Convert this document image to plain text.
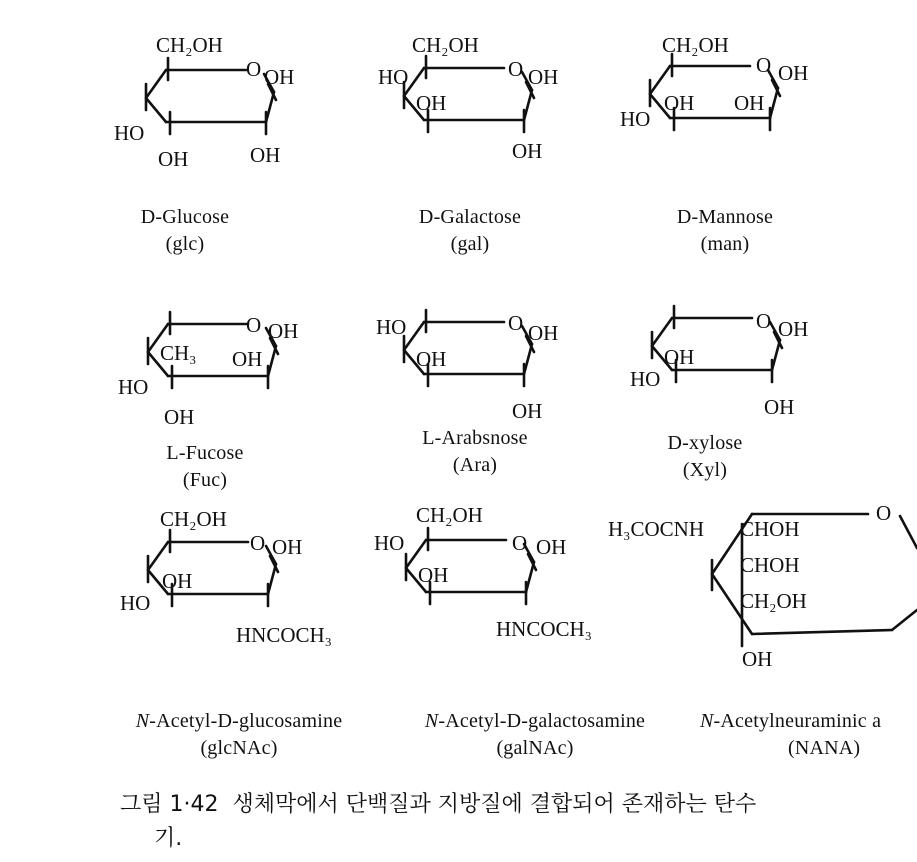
CH₂OH
O OH
HO
OH	OH
CH₂OH
HO	O OH
OH
OH
CH₂OH
O OH
OH OH
HO
O OH
CH₃ OH
HO
OH
HO	O OH
OH
OH
O OH
OH
HO
OH
CH₂OH
O OH
OH
HO
HNCOCH₃
CH₂OH
HO	O OH
OH
HNCOCH₃
H₃COCNH CHOH
CHOH
CH₂OH
O
OH
D-Glucose
(glc)
D-Galactose
(gal)
D-Mannose
(man)
L-Fucose
(Fuc)
L-Arabsnose
(Ara)
D-xylose
(Xyl)
N-Acetyl-D-glucosamine
(glcNAc)
N-Acetyl-D-galactosamine
(galNAc)
N-Acetylneuraminic a
(NANA)
그림 1·42 생체막에서 단백질과 지방질에 결합되어 존재하는 탄수
기.
